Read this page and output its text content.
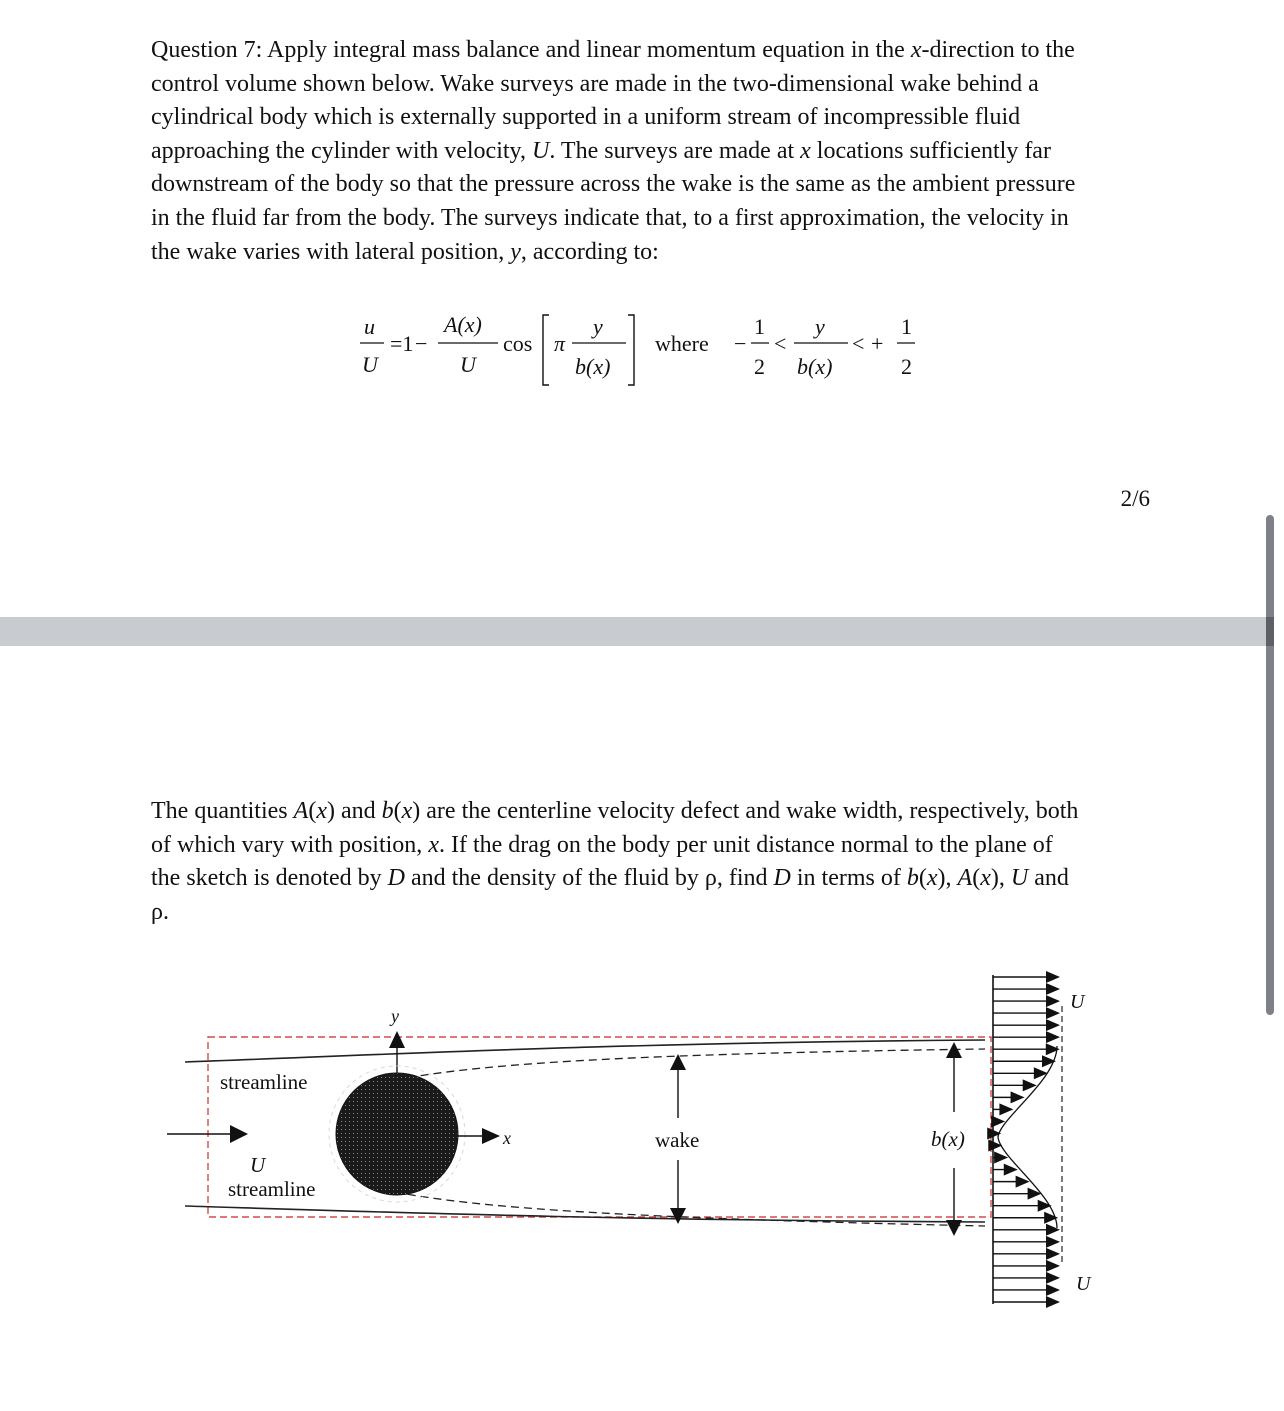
Question 7: Apply integral mass balance and linear momentum equation in the x-direction to the
control volume shown below. Wake surveys are made in the two-dimensional wake behind a
cylindrical body which is externally supported in a uniform stream of incompressible fluid
approaching the cylinder with velocity, U. The surveys are made at x locations sufficiently far
downstream of the body so that the pressure across the wake is the same as the ambient pressure
in the fluid far from the body. The surveys indicate that, to a first approximation, the velocity in
the wake varies with lateral position, y, according to:
u
U
=1 −
A(x)
U
cos π
y
b(x)
where −
1
2
<
y
b(x)
< +
1
2
2/6
The quantities A(x) and b(x) are the centerline velocity defect and wake width, respectively, both
of which vary with position, x. If the drag on the body per unit distance normal to the plane of
the sketch is denoted by D and the density of the fluid by ρ, find D in terms of b(x), A(x), U and
ρ.
y
x
streamline
U
streamline
wake	b(x)
U
U
